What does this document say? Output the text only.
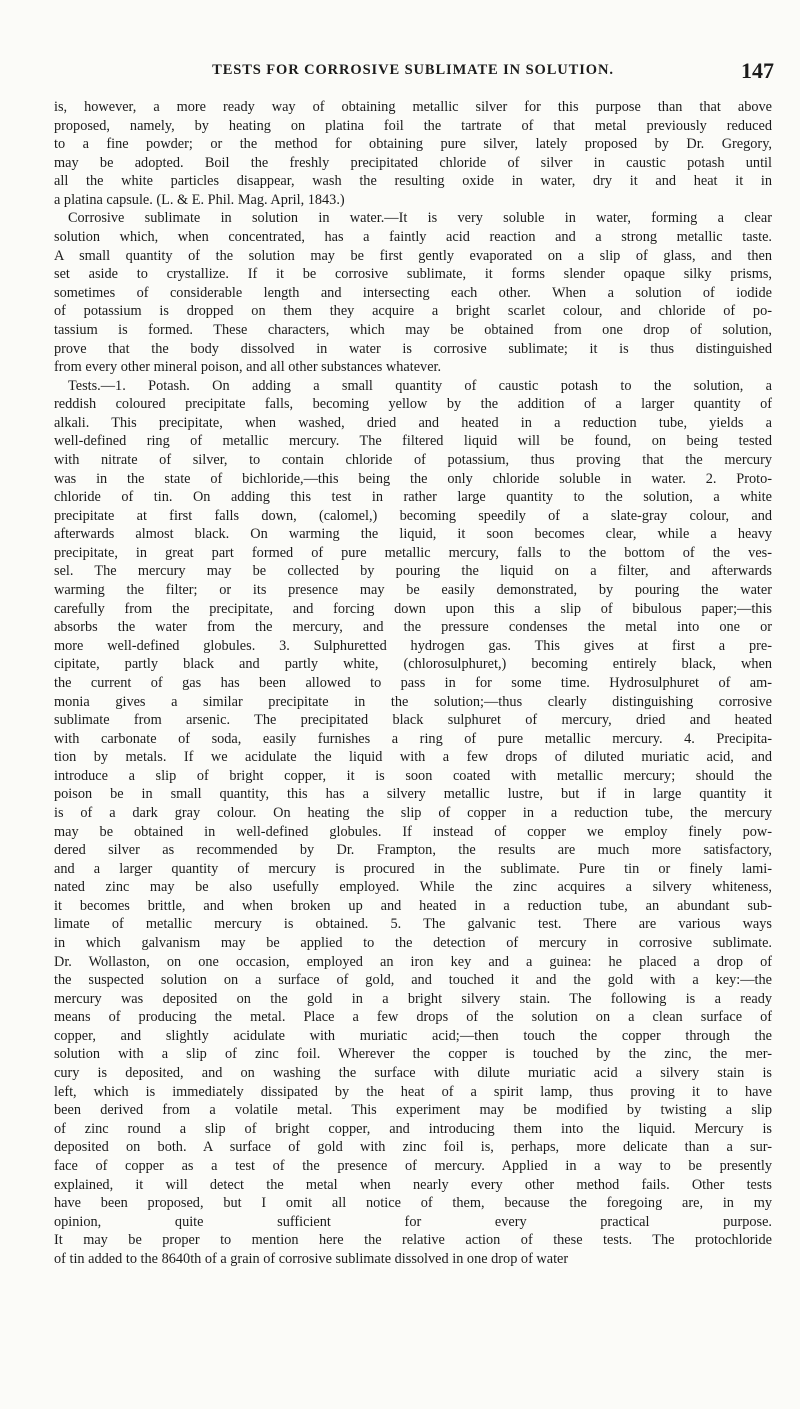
TESTS FOR CORROSIVE SUBLIMATE IN SOLUTION.	147
is, however, a more ready way of obtaining metallic silver for this purpose than that above
proposed, namely, by heating on platina foil the tartrate of that metal previously reduced
to a fine powder; or the method for obtaining pure silver, lately proposed by Dr. Gregory,
may be adopted. Boil the freshly precipitated chloride of silver in caustic potash until
all the white particles disappear, wash the resulting oxide in water, dry it and heat it in
a platina capsule. (L. & E. Phil. Mag. April, 1843.)
Corrosive sublimate in solution in water.—It is very soluble in water, forming a clear
solution which, when concentrated, has a faintly acid reaction and a strong metallic taste.
A small quantity of the solution may be first gently evaporated on a slip of glass, and then
set aside to crystallize. If it be corrosive sublimate, it forms slender opaque silky prisms,
sometimes of considerable length and intersecting each other. When a solution of iodide
of potassium is dropped on them they acquire a bright scarlet colour, and chloride of po-
tassium is formed. These characters, which may be obtained from one drop of solution,
prove that the body dissolved in water is corrosive sublimate; it is thus distinguished
from every other mineral poison, and all other substances whatever.
Tests.—1. Potash. On adding a small quantity of caustic potash to the solution, a
reddish coloured precipitate falls, becoming yellow by the addition of a larger quantity of
alkali. This precipitate, when washed, dried and heated in a reduction tube, yields a
well-defined ring of metallic mercury. The filtered liquid will be found, on being tested
with nitrate of silver, to contain chloride of potassium, thus proving that the mercury
was in the state of bichloride,—this being the only chloride soluble in water. 2. Proto-
chloride of tin. On adding this test in rather large quantity to the solution, a white
precipitate at first falls down, (calomel,) becoming speedily of a slate-gray colour, and
afterwards almost black. On warming the liquid, it soon becomes clear, while a heavy
precipitate, in great part formed of pure metallic mercury, falls to the bottom of the ves-
sel. The mercury may be collected by pouring the liquid on a filter, and afterwards
warming the filter; or its presence may be easily demonstrated, by pouring the water
carefully from the precipitate, and forcing down upon this a slip of bibulous paper;—this
absorbs the water from the mercury, and the pressure condenses the metal into one or
more well-defined globules. 3. Sulphuretted hydrogen gas. This gives at first a pre-
cipitate, partly black and partly white, (chlorosulphuret,) becoming entirely black, when
the current of gas has been allowed to pass in for some time. Hydrosulphuret of am-
monia gives a similar precipitate in the solution;—thus clearly distinguishing corrosive
sublimate from arsenic. The precipitated black sulphuret of mercury, dried and heated
with carbonate of soda, easily furnishes a ring of pure metallic mercury. 4. Precipita-
tion by metals. If we acidulate the liquid with a few drops of diluted muriatic acid, and
introduce a slip of bright copper, it is soon coated with metallic mercury; should the
poison be in small quantity, this has a silvery metallic lustre, but if in large quantity it
is of a dark gray colour. On heating the slip of copper in a reduction tube, the mercury
may be obtained in well-defined globules. If instead of copper we employ finely pow-
dered silver as recommended by Dr. Frampton, the results are much more satisfactory,
and a larger quantity of mercury is procured in the sublimate. Pure tin or finely lami-
nated zinc may be also usefully employed. While the zinc acquires a silvery whiteness,
it becomes brittle, and when broken up and heated in a reduction tube, an abundant sub-
limate of metallic mercury is obtained. 5. The galvanic test. There are various ways
in which galvanism may be applied to the detection of mercury in corrosive sublimate.
Dr. Wollaston, on one occasion, employed an iron key and a guinea: he placed a drop of
the suspected solution on a surface of gold, and touched it and the gold with a key:—the
mercury was deposited on the gold in a bright silvery stain. The following is a ready
means of producing the metal. Place a few drops of the solution on a clean surface of
copper, and slightly acidulate with muriatic acid;—then touch the copper through the
solution with a slip of zinc foil. Wherever the copper is touched by the zinc, the mer-
cury is deposited, and on washing the surface with dilute muriatic acid a silvery stain is
left, which is immediately dissipated by the heat of a spirit lamp, thus proving it to have
been derived from a volatile metal. This experiment may be modified by twisting a slip
of zinc round a slip of bright copper, and introducing them into the liquid. Mercury is
deposited on both. A surface of gold with zinc foil is, perhaps, more delicate than a sur-
face of copper as a test of the presence of mercury. Applied in a way to be presently
explained, it will detect the metal when nearly every other method fails. Other tests
have been proposed, but I omit all notice of them, because the foregoing are, in my
opinion, quite sufficient for every practical purpose.
It may be proper to mention here the relative action of these tests. The protochloride
of tin added to the 8640th of a grain of corrosive sublimate dissolved in one drop of water
